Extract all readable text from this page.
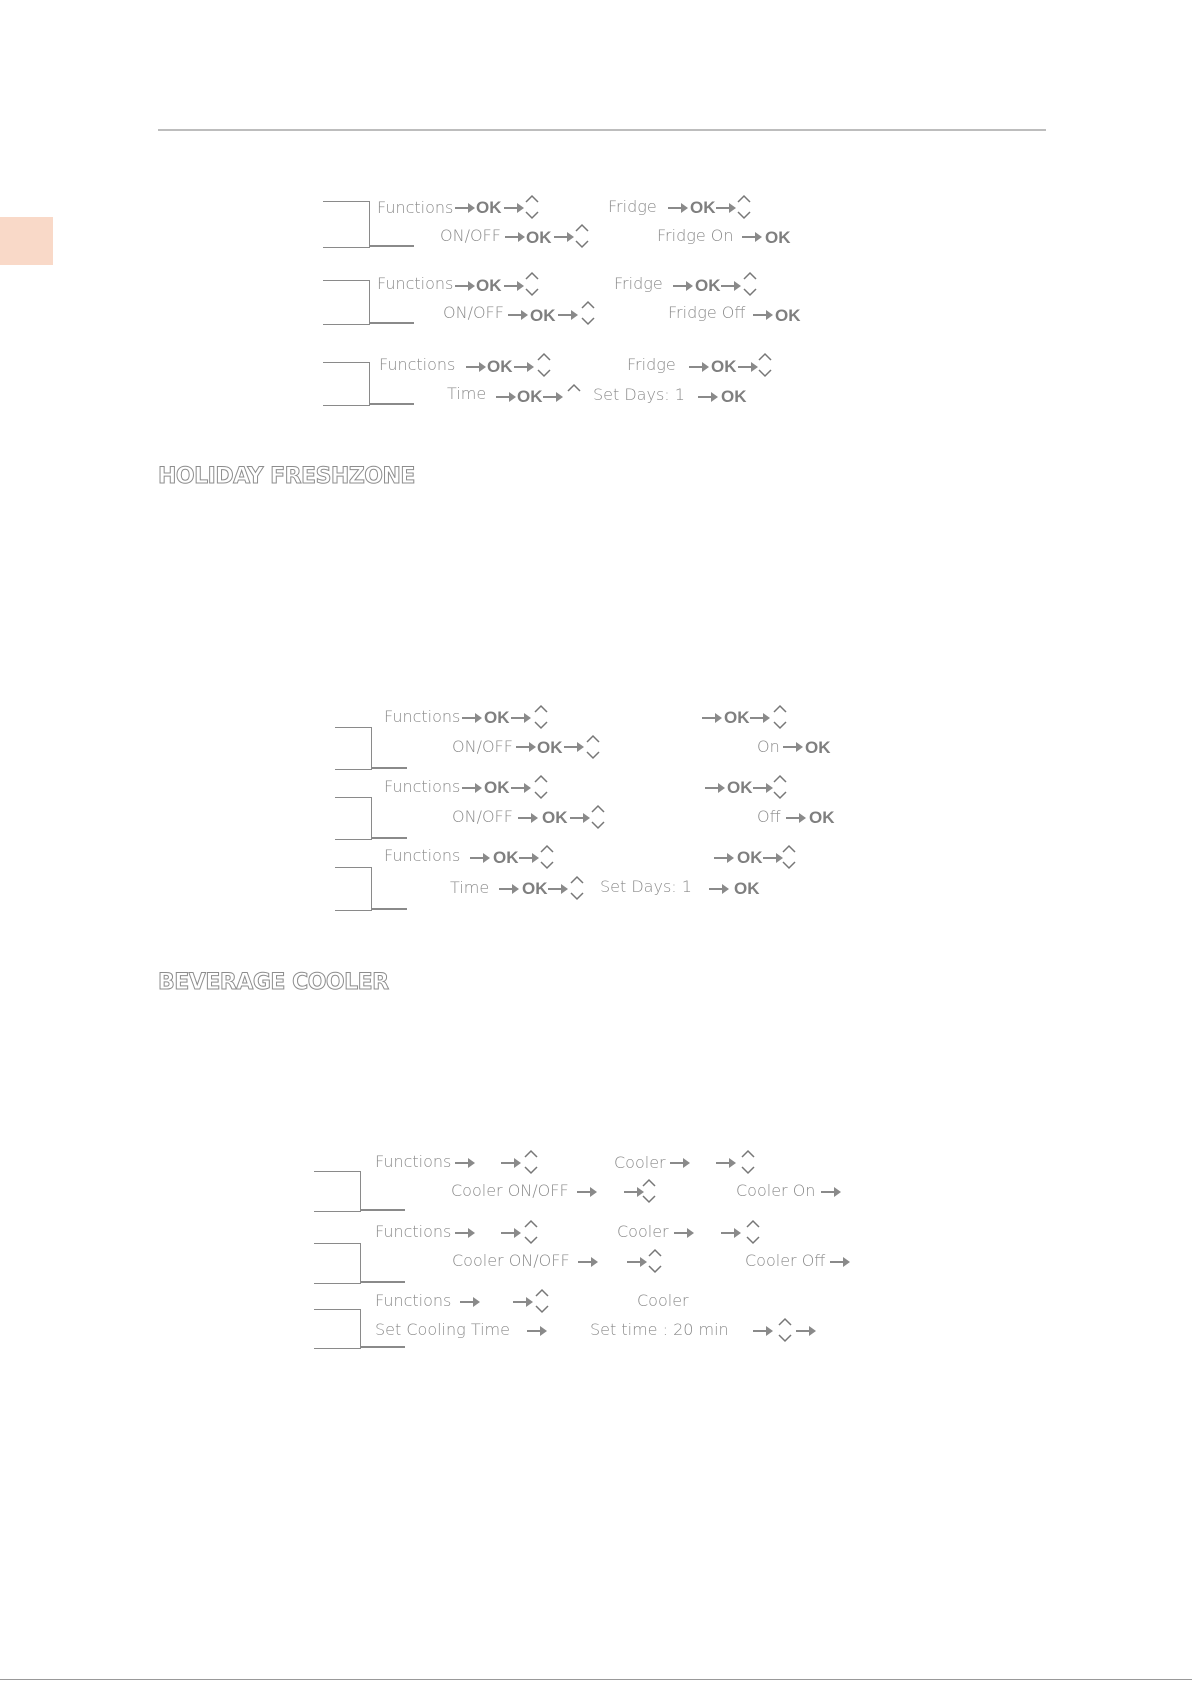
Functions OK	Fridge OK
ON/OFF OK	Fridge On OK
Functions OK	Fridge OK
ON/OFF OK	Fridge Off OK
Functions OK	Fridge OK
Time OK	Set Days: 1 OK
HOLIDAY FRESHZONE
Functions OK	OK
ON/OFF OK	On OK
Functions OK	OK
ON/OFF OK	Off OK
Functions OK	OK
Time OK	Set Days: 1 OK
BEVERAGE COOLER
Functions	Cooler
Cooler ON/OFF	Cooler On
Functions	Cooler
Cooler ON/OFF	Cooler Off
Functions	Cooler
Set Cooling Time	Set time : 20 min
